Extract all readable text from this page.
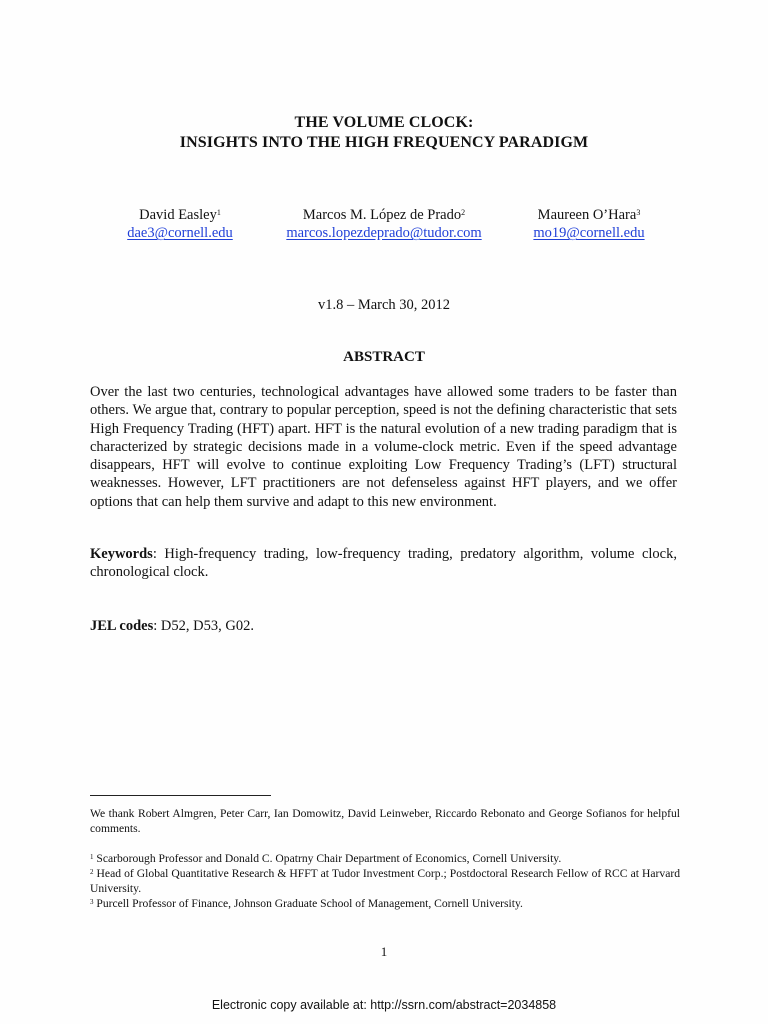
THE VOLUME CLOCK:
INSIGHTS INTO THE HIGH FREQUENCY PARADIGM
David Easley$^1$
dae3@cornell.edu
Marcos M. López de Prado$^2$
marcos.lopezdeprado@tudor.com
Maureen O’Hara$^3$
mo19@cornell.edu
v1.8 – March 30, 2012
ABSTRACT
Over the last two centuries, technological advantages have allowed some traders to be faster than others. We argue that, contrary to popular perception, speed is not the defining characteristic that sets High Frequency Trading (HFT) apart. HFT is the natural evolution of a new trading paradigm that is characterized by strategic decisions made in a volume-clock metric. Even if the speed advantage disappears, HFT will evolve to continue exploiting Low Frequency Trading’s (LFT) structural weaknesses. However, LFT practitioners are not defenseless against HFT players, and we offer options that can help them survive and adapt to this new environment.
Keywords: High-frequency trading, low-frequency trading, predatory algorithm, volume clock, chronological clock.
JEL codes: D52, D53, G02.
We thank Robert Almgren, Peter Carr, Ian Domowitz, David Leinweber, Riccardo Rebonato and George Sofianos for helpful comments.
$^1$ Scarborough Professor and Donald C. Opatrny Chair Department of Economics, Cornell University.
$^2$ Head of Global Quantitative Research & HFFT at Tudor Investment Corp.; Postdoctoral Research Fellow of RCC at Harvard University.
$^3$ Purcell Professor of Finance, Johnson Graduate School of Management, Cornell University.
1
Electronic copy available at: http://ssrn.com/abstract=2034858
